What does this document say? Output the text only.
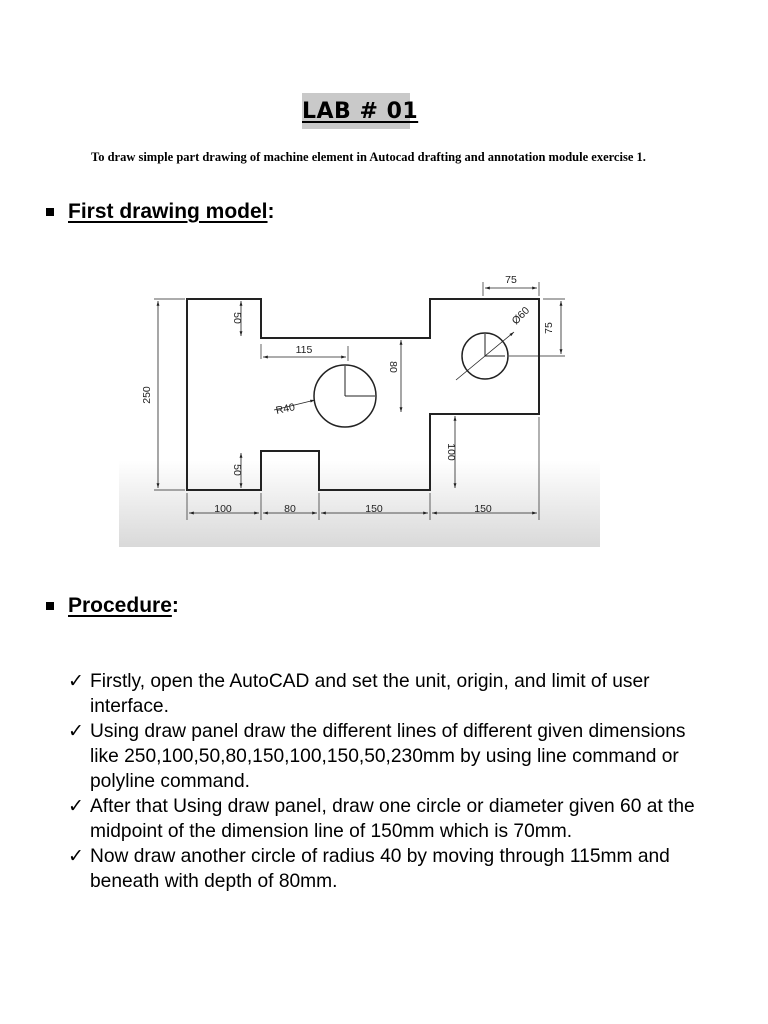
LAB # 01
To draw simple part drawing of machine element in Autocad drafting and annotation module exercise 1.
First drawing model :
75
Ø60
75
50
115
80
250
R40
100
50
100	80	150	150
Procedure :
✓ Firstly, open the AutoCAD and set the unit, origin, and limit of user interface.
✓ Using draw panel draw the different lines of different given dimensions like 250,100,50,80,150,100,150,50,230mm by using line command or polyline command.
✓ After that Using draw panel, draw one circle or diameter given 60 at the midpoint of the dimension line of 150mm which is 70mm.
✓ Now draw another circle of radius 40 by moving through 115mm and beneath with depth of 80mm.
